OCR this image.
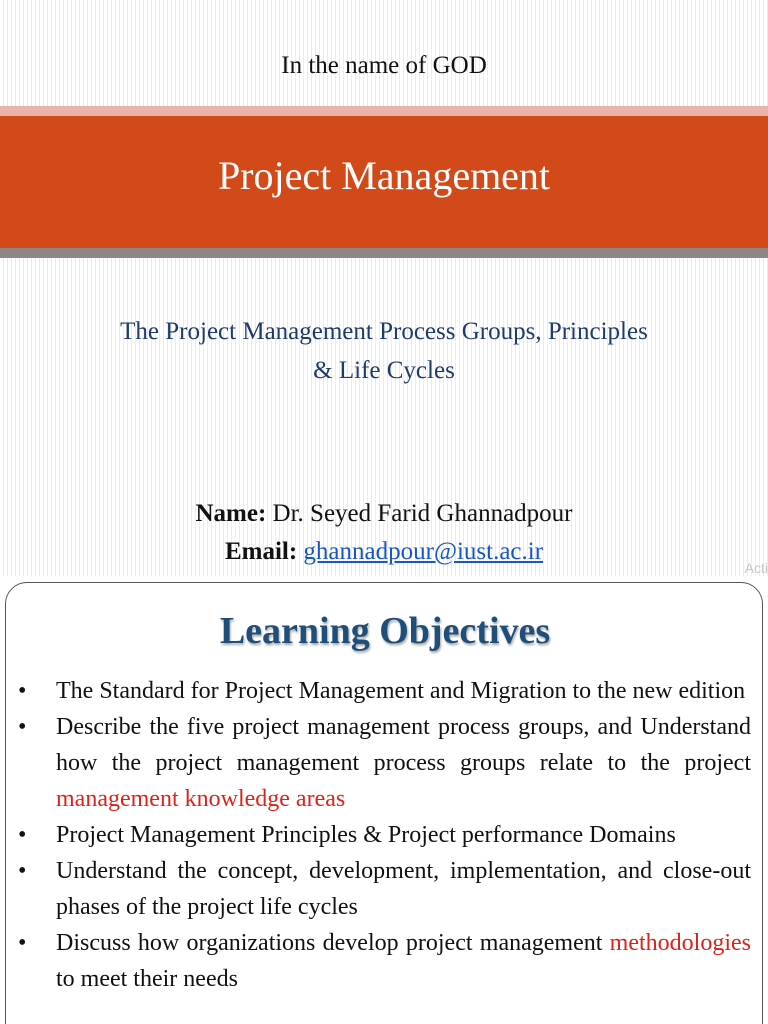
In the name of GOD
Project Management
The Project Management Process Groups, Principles
& Life Cycles
Name: Dr. Seyed Farid Ghannadpour
Email: ghannadpour@iust.ac.ir
Acti
Learning Objectives
• The Standard for Project Management and Migration to the new edition
• Describe the five project management process groups, and Understand how the project management process groups relate to the project management knowledge areas
• Project Management Principles & Project performance Domains
• Understand the concept, development, implementation, and close-out phases of the project life cycles
• Discuss how organizations develop project management methodologies to meet their needs
